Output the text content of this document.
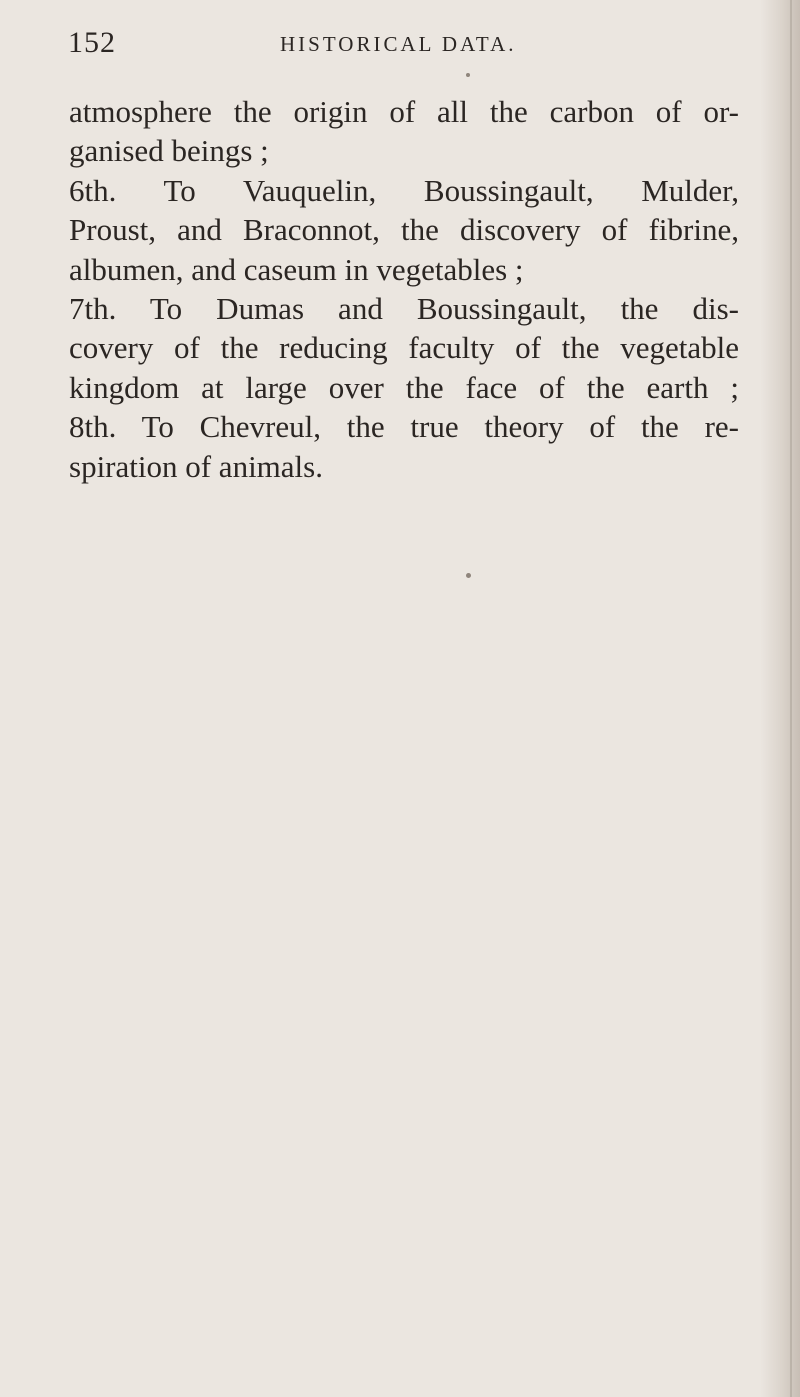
152	HISTORICAL DATA.
atmosphere the origin of all the carbon of or-
ganised beings ;
6th. To Vauquelin, Boussingault, Mulder,
Proust, and Braconnot, the discovery of fibrine,
albumen, and caseum in vegetables ;
7th. To Dumas and Boussingault, the dis-
covery of the reducing faculty of the vegetable
kingdom at large over the face of the earth ;
8th. To Chevreul, the true theory of the re-
spiration of animals.
